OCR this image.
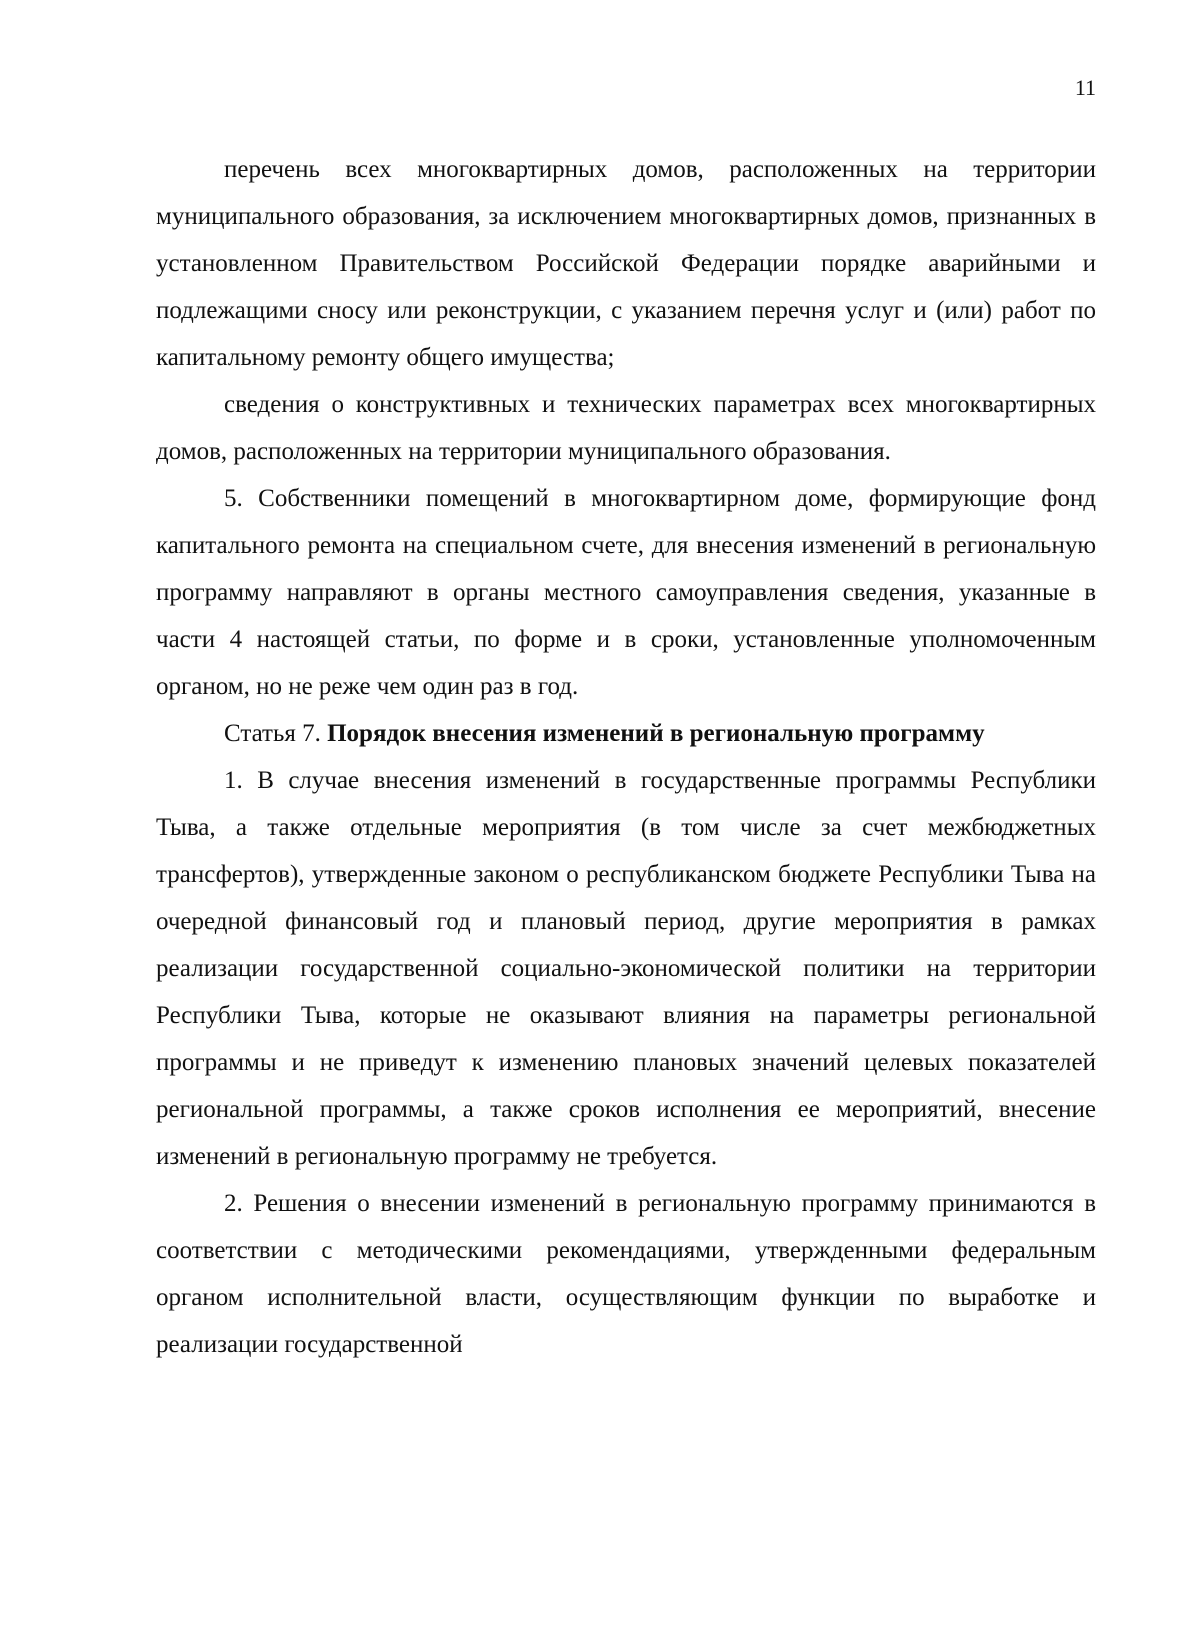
11

перечень всех многоквартирных домов, расположенных на территории муниципального образования, за исключением многоквартирных домов, признанных в установленном Правительством Российской Федерации порядке аварийными и подлежащими сносу или реконструкции, с указанием перечня услуг и (или) работ по капитальному ремонту общего имущества;

сведения о конструктивных и технических параметрах всех многоквартирных домов, расположенных на территории муниципального образования.

5. Собственники помещений в многоквартирном доме, формирующие фонд капитального ремонта на специальном счете, для внесения изменений в региональную программу направляют в органы местного самоуправления сведения, указанные в части 4 настоящей статьи, по форме и в сроки, установленные уполномоченным органом, но не реже чем один раз в год.

Статья 7. Порядок внесения изменений в региональную программу

1. В случае внесения изменений в государственные программы Республики Тыва, а также отдельные мероприятия (в том числе за счет межбюджетных трансфертов), утвержденные законом о республиканском бюджете Республики Тыва на очередной финансовый год и плановый период, другие мероприятия в рамках реализации государственной социально-экономической политики на территории Республики Тыва, которые не оказывают влияния на параметры региональной программы и не приведут к изменению плановых значений целевых показателей региональной программы, а также сроков исполнения ее мероприятий, внесение изменений в региональную программу не требуется.

2. Решения о внесении изменений в региональную программу принимаются в соответствии с методическими рекомендациями, утвержденными федеральным органом исполнительной власти, осуществляющим функции по выработке и реализации государственной
